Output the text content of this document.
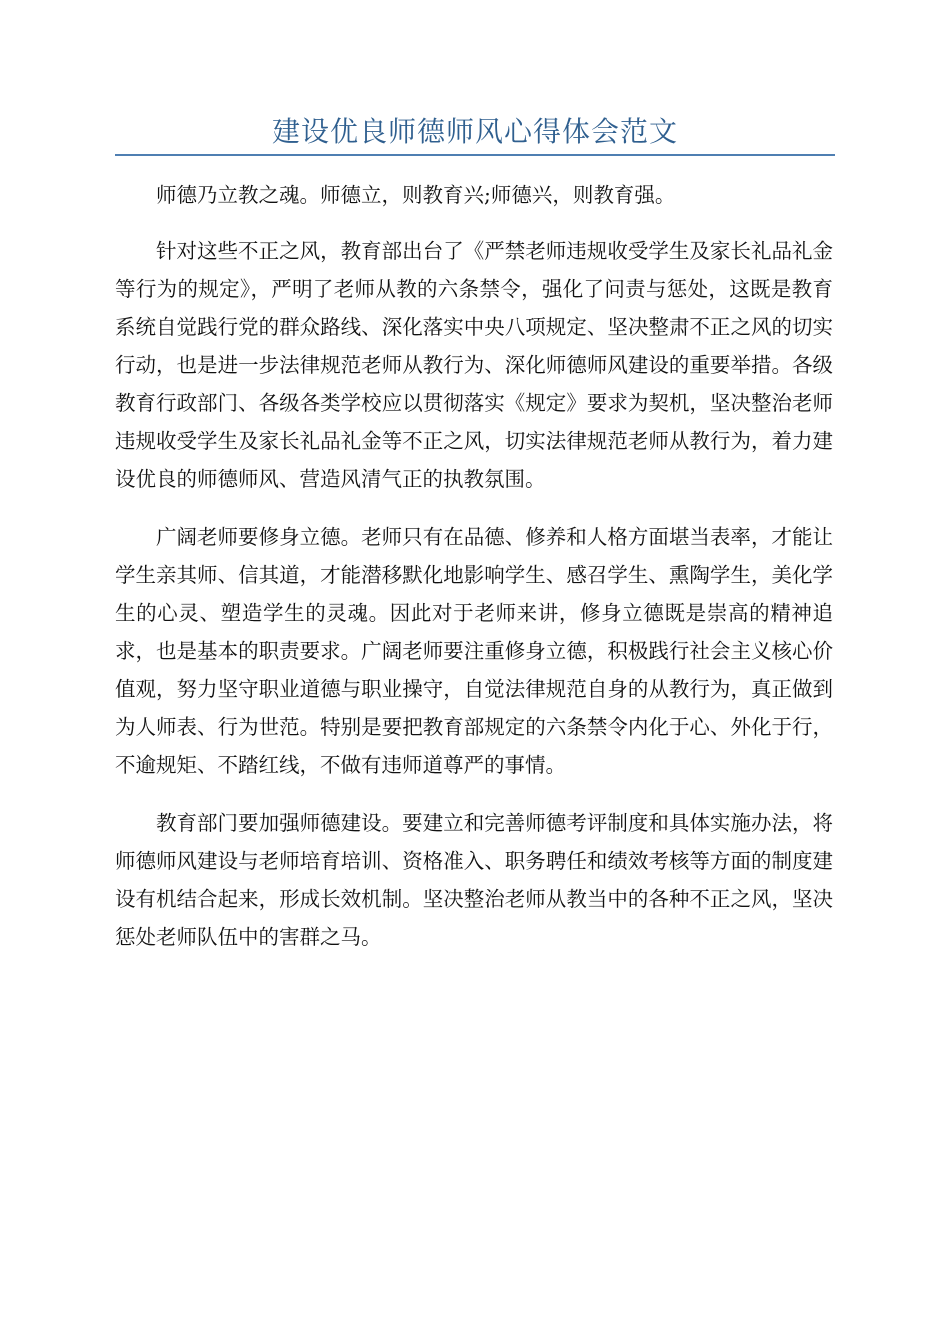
建设优良师德师风心得体会范文

师德乃立教之魂。师德立，则教育兴;师德兴，则教育强。

针对这些不正之风，教育部出台了《严禁老师违规收受学生及家长礼品礼金等行为的规定》，严明了老师从教的六条禁令，强化了问责与惩处，这既是教育系统自觉践行党的群众路线、深化落实中央八项规定、坚决整肃不正之风的切实行动，也是进一步法律规范老师从教行为、深化师德师风建设的重要举措。各级教育行政部门、各级各类学校应以贯彻落实《规定》要求为契机，坚决整治老师违规收受学生及家长礼品礼金等不正之风，切实法律规范老师从教行为，着力建设优良的师德师风、营造风清气正的执教氛围。

广阔老师要修身立德。老师只有在品德、修养和人格方面堪当表率，才能让学生亲其师、信其道，才能潜移默化地影响学生、感召学生、熏陶学生，美化学生的心灵、塑造学生的灵魂。因此对于老师来讲，修身立德既是崇高的精神追求，也是基本的职责要求。广阔老师要注重修身立德，积极践行社会主义核心价值观，努力坚守职业道德与职业操守，自觉法律规范自身的从教行为，真正做到为人师表、行为世范。特别是要把教育部规定的六条禁令内化于心、外化于行，不逾规矩、不踏红线，不做有违师道尊严的事情。

教育部门要加强师德建设。要建立和完善师德考评制度和具体实施办法，将师德师风建设与老师培育培训、资格准入、职务聘任和绩效考核等方面的制度建设有机结合起来，形成长效机制。坚决整治老师从教当中的各种不正之风，坚决惩处老师队伍中的害群之马。
